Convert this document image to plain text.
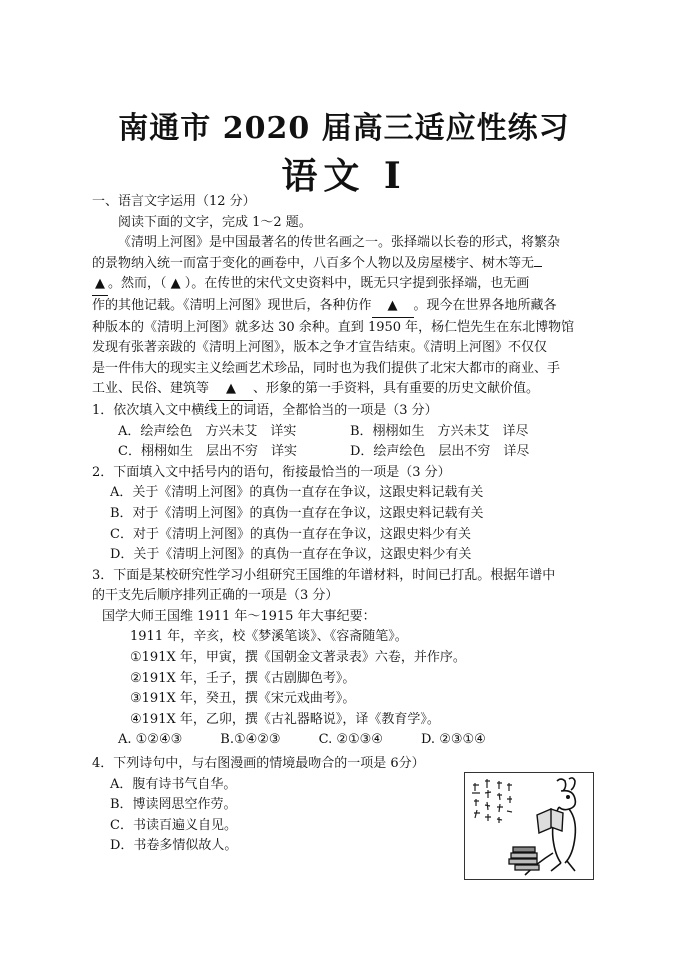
南通市 2020 届高三适应性练习
语文 I
一、语言文字运用（12 分）
阅读下面的文字，完成 1～2 题。
《清明上河图》是中国最著名的传世名画之一。张择端以长卷的形式，将繁杂
的景物纳入统一而富于变化的画卷中，八百多个人物以及房屋楼宇、树木等无
▲ 。然而，（ ▲ ）。在传世的宋代文史资料中，既无只字提到张择端，也无画
作的其他记载。《清明上河图》现世后，各种仿作 ▲ 。现今在世界各地所藏各
种版本的《清明上河图》就多达 30 余种。直到 1950 年，杨仁恺先生在东北博物馆
发现有张著亲跋的《清明上河图》，版本之争才宣告结束。《清明上河图》不仅仅
是一件伟大的现实主义绘画艺术珍品，同时也为我们提供了北宋大都市的商业、手
工业、民俗、建筑等 ▲ 、形象的第一手资料，具有重要的历史文献价值。
1．依次填入文中横线上的词语，全都恰当的一项是（3 分）
A．绘声绘色　方兴未艾　详实	B．栩栩如生　方兴未艾　详尽
C．栩栩如生　层出不穷　详实	D．绘声绘色　层出不穷　详尽
2．下面填入文中括号内的语句，衔接最恰当的一项是（3 分）
A．关于《清明上河图》的真伪一直存在争议，这跟史料记载有关
B．对于《清明上河图》的真伪一直存在争议，这跟史料记载有关
C．对于《清明上河图》的真伪一直存在争议，这跟史料少有关
D．关于《清明上河图》的真伪一直存在争议，这跟史料少有关
3．下面是某校研究性学习小组研究王国维的年谱材料，时间已打乱。根据年谱中
的干支先后顺序排列正确的一项是（3 分）
国学大师王国维 1911 年～1915 年大事纪要：
1911 年，辛亥，校《梦溪笔谈》、《容斋随笔》。
①191X 年，甲寅，撰《国朝金文著录表》六卷，并作序。
②191X 年，壬子，撰《古剧脚色考》。
③191X 年，癸丑，撰《宋元戏曲考》。
④191X 年，乙卯，撰《古礼器略说》，译《教育学》。
A. ①②④③	B.①④②③	C. ②①③④	D. ②③①④
4．下列诗句中，与右图漫画的情境最吻合的一项是 6分）
A．腹有诗书气自华。
B．博读罔思空作劳。
C．书读百遍义自见。
D．书卷多情似故人。
